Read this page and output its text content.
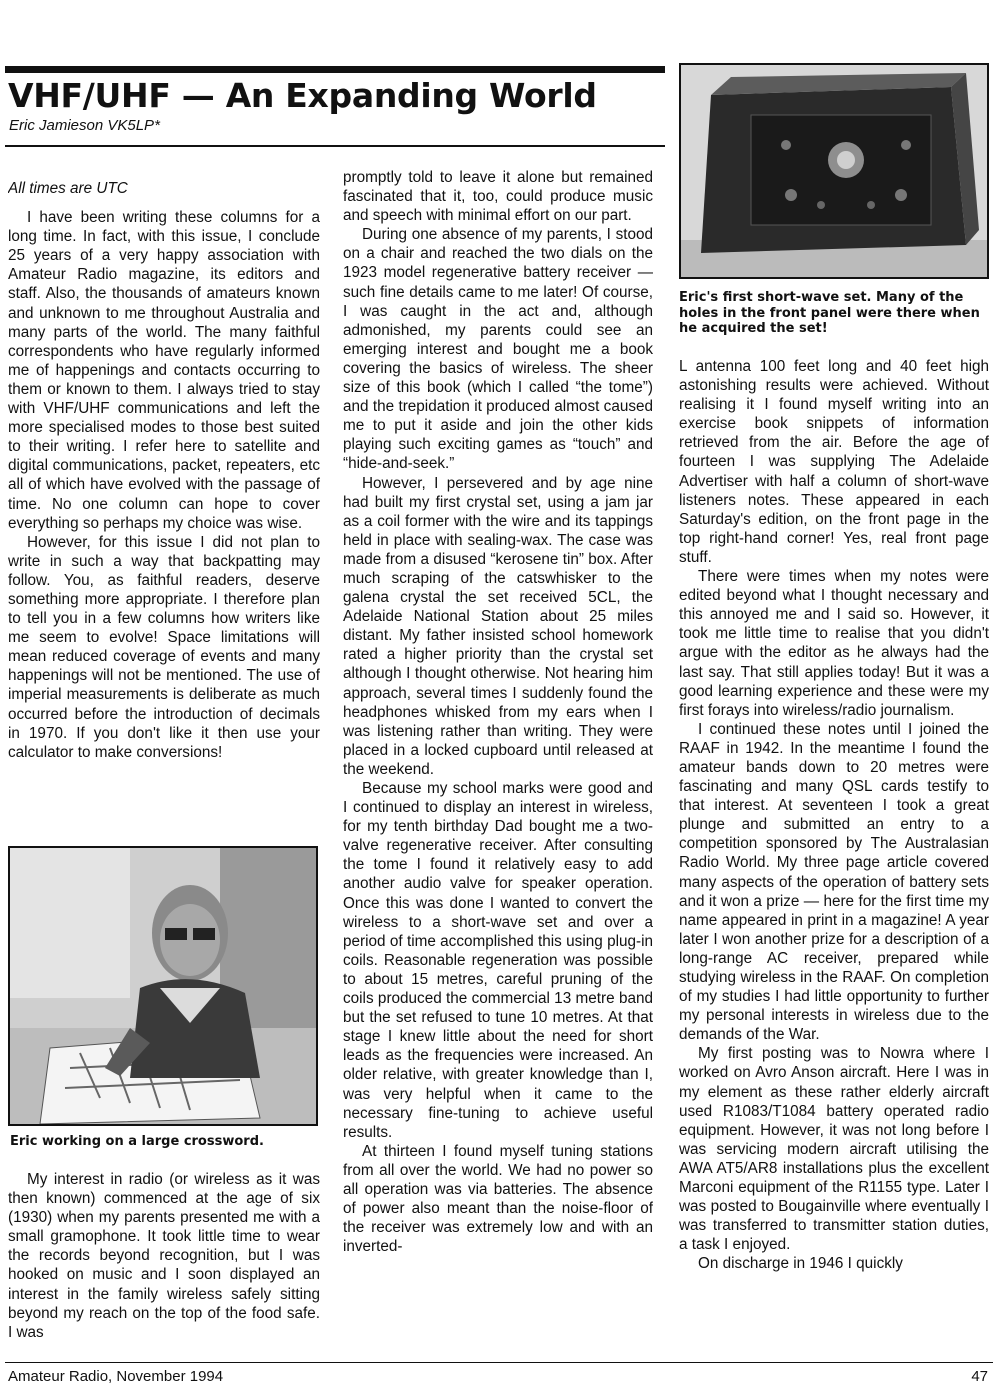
VHF/UHF — An Expanding World
Eric Jamieson VK5LP*

All times are UTC

I have been writing these columns for a long time. In fact, with this issue, I conclude 25 years of a very happy association with Amateur Radio magazine, its editors and staff. Also, the thousands of amateurs known and unknown to me throughout Australia and many parts of the world. The many faithful correspondents who have regularly informed me of happenings and contacts occurring to them or known to them. I always tried to stay with VHF/UHF communications and left the more specialised modes to those best suited to their writing. I refer here to satellite and digital communications, packet, repeaters, etc all of which have evolved with the passage of time. No one column can hope to cover everything so perhaps my choice was wise.

However, for this issue I did not plan to write in such a way that backpatting may follow. You, as faithful readers, deserve something more appropriate. I therefore plan to tell you in a few columns how writers like me seem to evolve! Space limitations will mean reduced coverage of events and many happenings will not be mentioned. The use of imperial measurements is deliberate as much occurred before the introduction of decimals in 1970. If you don't like it then use your calculator to make conversions!

Eric working on a large crossword.

My interest in radio (or wireless as it was then known) commenced at the age of six (1930) when my parents presented me with a small gramophone. It took little time to wear the records beyond recognition, but I was hooked on music and I soon displayed an interest in the family wireless safely sitting beyond my reach on the top of the food safe. I was

promptly told to leave it alone but remained fascinated that it, too, could produce music and speech with minimal effort on our part.

During one absence of my parents, I stood on a chair and reached the two dials on the 1923 model regenerative battery receiver — such fine details came to me later! Of course, I was caught in the act and, although admonished, my parents could see an emerging interest and bought me a book covering the basics of wireless. The sheer size of this book (which I called “the tome”) and the trepidation it produced almost caused me to put it aside and join the other kids playing such exciting games as “touch” and “hide-and-seek.”

However, I persevered and by age nine had built my first crystal set, using a jam jar as a coil former with the wire and its tappings held in place with sealing-wax. The case was made from a disused “kerosene tin” box. After much scraping of the catswhisker to the galena crystal the set received 5CL, the Adelaide National Station about 25 miles distant. My father insisted school homework rated a higher priority than the crystal set although I thought otherwise. Not hearing him approach, several times I suddenly found the headphones whisked from my ears when I was listening rather than writing. They were placed in a locked cupboard until released at the weekend.

Because my school marks were good and I continued to display an interest in wireless, for my tenth birthday Dad bought me a two-valve regenerative receiver. After consulting the tome I found it relatively easy to add another audio valve for speaker operation. Once this was done I wanted to convert the wireless to a short-wave set and over a period of time accomplished this using plug-in coils. Reasonable regeneration was possible to about 15 metres, careful pruning of the coils produced the commercial 13 metre band but the set refused to tune 10 metres. At that stage I knew little about the need for short leads as the frequencies were increased. An older relative, with greater knowledge than I, was very helpful when it came to the necessary fine-tuning to achieve useful results.

At thirteen I found myself tuning stations from all over the world. We had no power so all operation was via batteries. The absence of power also meant than the noise-floor of the receiver was extremely low and with an inverted-

Eric's first short-wave set. Many of the holes in the front panel were there when he acquired the set!

L antenna 100 feet long and 40 feet high astonishing results were achieved. Without realising it I found myself writing into an exercise book snippets of information retrieved from the air. Before the age of fourteen I was supplying The Adelaide Advertiser with half a column of short-wave listeners notes. These appeared in each Saturday's edition, on the front page in the top right-hand corner! Yes, real front page stuff.

There were times when my notes were edited beyond what I thought necessary and this annoyed me and I said so. However, it took me little time to realise that you didn't argue with the editor as he always had the last say. That still applies today! But it was a good learning experience and these were my first forays into wireless/radio journalism.

I continued these notes until I joined the RAAF in 1942. In the meantime I found the amateur bands down to 20 metres were fascinating and many QSL cards testify to that interest. At seventeen I took a great plunge and submitted an entry to a competition sponsored by The Australasian Radio World. My three page article covered many aspects of the operation of battery sets and it won a prize — here for the first time my name appeared in print in a magazine! A year later I won another prize for a description of a long-range AC receiver, prepared while studying wireless in the RAAF. On completion of my studies I had little opportunity to further my personal interests in wireless due to the demands of the War.

My first posting was to Nowra where I worked on Avro Anson aircraft. Here I was in my element as these rather elderly aircraft used R1083/T1084 battery operated radio equipment. However, it was not long before I was servicing modern aircraft utilising the AWA AT5/AR8 installations plus the excellent Marconi equipment of the R1155 type. Later I was posted to Bougainville where eventually I was transferred to transmitter station duties, a task I enjoyed.

On discharge in 1946 I quickly

Amateur Radio, November 1994	47
